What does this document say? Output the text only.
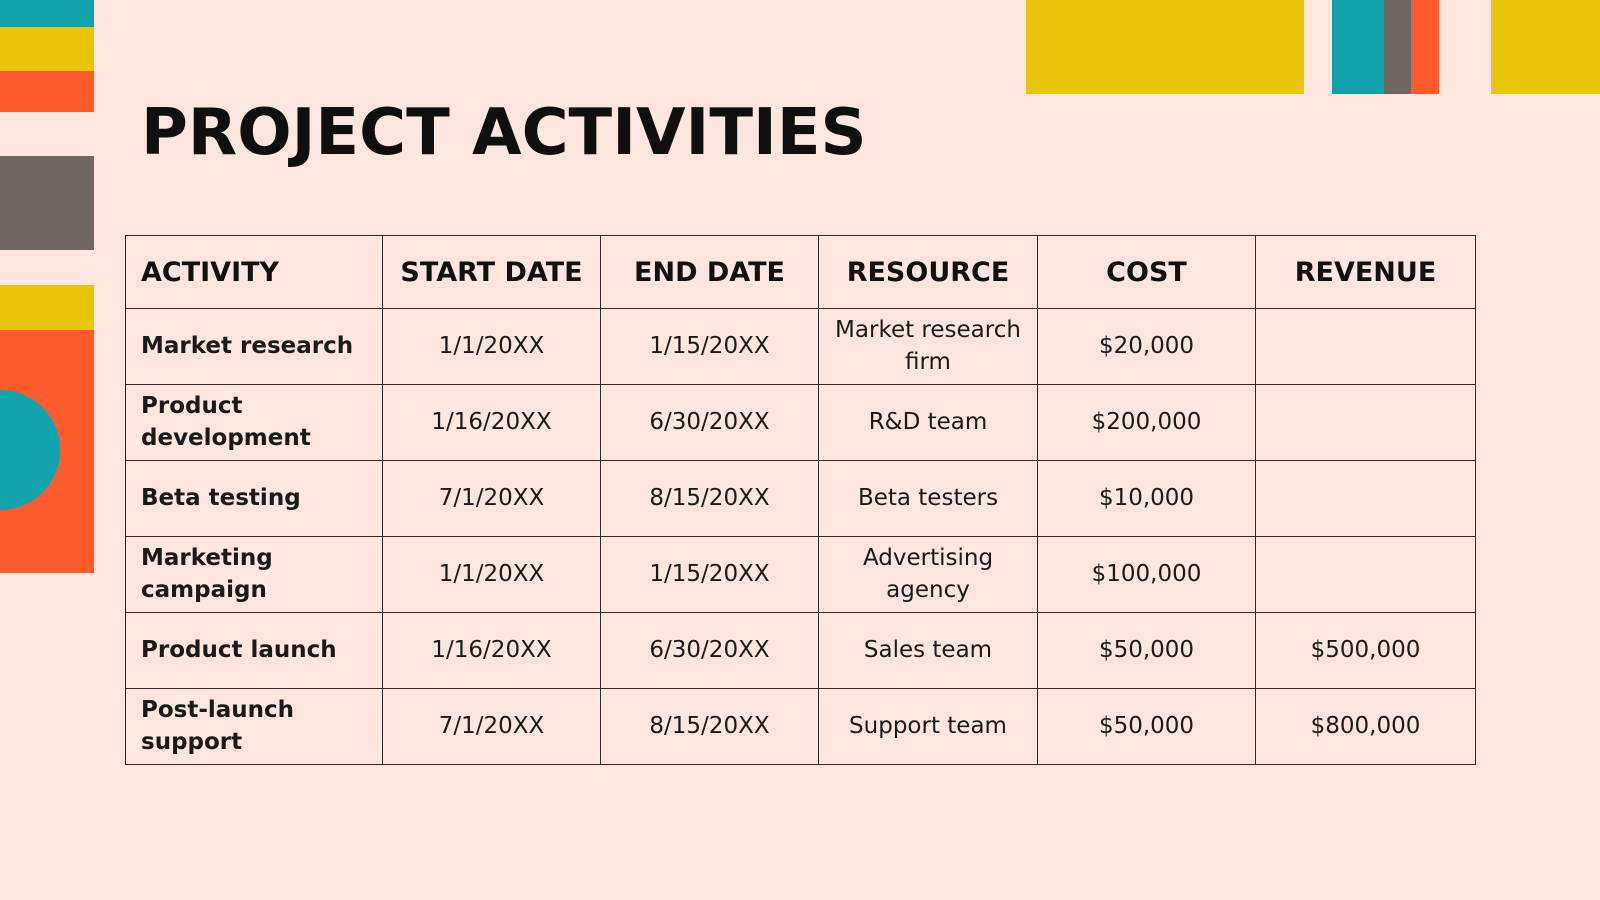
PROJECT ACTIVITIES
ACTIVITY	START DATE	END DATE	RESOURCE	COST	REVENUE
Market research	1/1/20XX	1/15/20XX	Market research firm	$20,000	
Product development	1/16/20XX	6/30/20XX	R&D team	$200,000	
Beta testing	7/1/20XX	8/15/20XX	Beta testers	$10,000	
Marketing campaign	1/1/20XX	1/15/20XX	Advertising agency	$100,000	
Product launch	1/16/20XX	6/30/20XX	Sales team	$50,000	$500,000
Post-launch support	7/1/20XX	8/15/20XX	Support team	$50,000	$800,000
